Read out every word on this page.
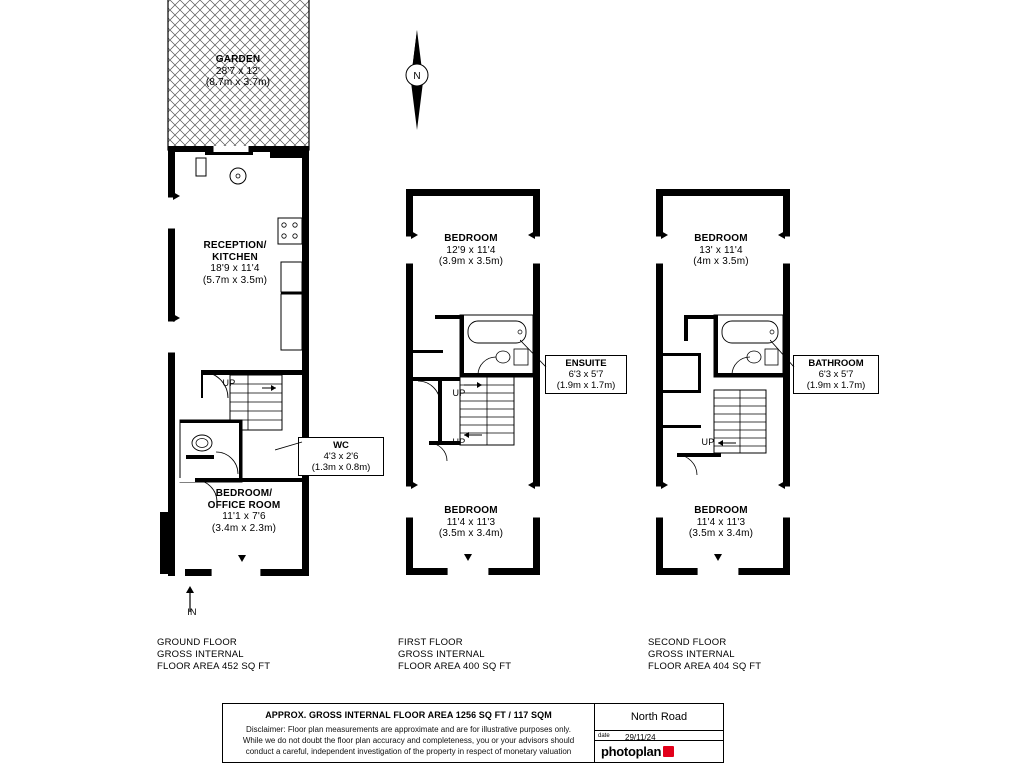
GARDEN
28'7 x 12'
(8.7m x 3.7m)
RECEPTION/
KITCHEN
18'9 x 11'4
(5.7m x 3.5m)
BEDROOM/
OFFICE ROOM
11'1 x 7'6
(3.4m x 2.3m)
UP
IN
WC
4'3 x 2'6
(1.3m x 0.8m)
N
BEDROOM
12'9 x 11'4
(3.9m x 3.5m)
BEDROOM
11'4 x 11'3
(3.5m x 3.4m)
UP
UP
ENSUITE
6'3 x 5'7
(1.9m x 1.7m)
BEDROOM
13' x 11'4
(4m x 3.5m)
BEDROOM
11'4 x 11'3
(3.5m x 3.4m)
UP
BATHROOM
6'3 x 5'7
(1.9m x 1.7m)
GROUND FLOOR
GROSS INTERNAL
FLOOR AREA 452 SQ FT
FIRST FLOOR
GROSS INTERNAL
FLOOR AREA 400 SQ FT
SECOND FLOOR
GROSS INTERNAL
FLOOR AREA 404 SQ FT
APPROX. GROSS INTERNAL FLOOR AREA 1256 SQ FT / 117 SQM
Disclaimer: Floor plan measurements are approximate and are for illustrative purposes only.
While we do not doubt the floor plan accuracy and completeness, you or your advisors should
conduct a careful, independent investigation of the property in respect of monetary valuation
North Road
date 29/11/24
photoplan
